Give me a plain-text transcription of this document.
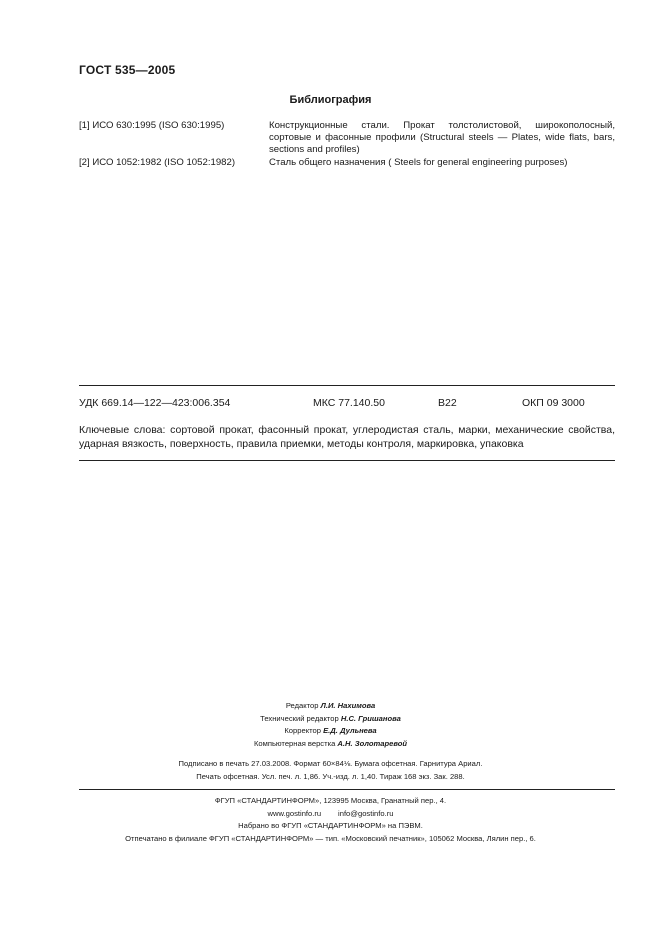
ГОСТ 535—2005
Библиография
[1] ИСО 630:1995 (ISO 630:1995)	Конструкционные стали. Прокат толстолистовой, широкополосный, сортовые и фасонные профили (Structural steels — Plates, wide flats, bars, sections and profiles)
[2] ИСО 1052:1982 (ISO 1052:1982)	Сталь общего назначения ( Steels for general engineering purposes)
УДК 669.14—122—423:006.354	МКС 77.140.50	В22	ОКП 09 3000
Ключевые слова: сортовой прокат, фасонный прокат, углеродистая сталь, марки, механические свойства, ударная вязкость, поверхность, правила приемки, методы контроля, маркировка, упаковка
Редактор Л.И. Нахимова
Технический редактор Н.С. Гришанова
Корректор Е.Д. Дульнева
Компьютерная верстка А.Н. Золотаревой
Подписано в печать 27.03.2008. Формат 60×84⅛. Бумага офсетная. Гарнитура Ариал.
Печать офсетная. Усл. печ. л. 1,86. Уч.-изд. л. 1,40. Тираж 168 экз. Зак. 288.
ФГУП «СТАНДАРТИНФОРМ», 123995 Москва, Гранатный пер., 4.
www.gostinfo.ru info@gostinfo.ru
Набрано во ФГУП «СТАНДАРТИНФОРМ» на ПЭВМ.
Отпечатано в филиале ФГУП «СТАНДАРТИНФОРМ» — тип. «Московский печатник», 105062 Москва, Лялин пер., 6.
